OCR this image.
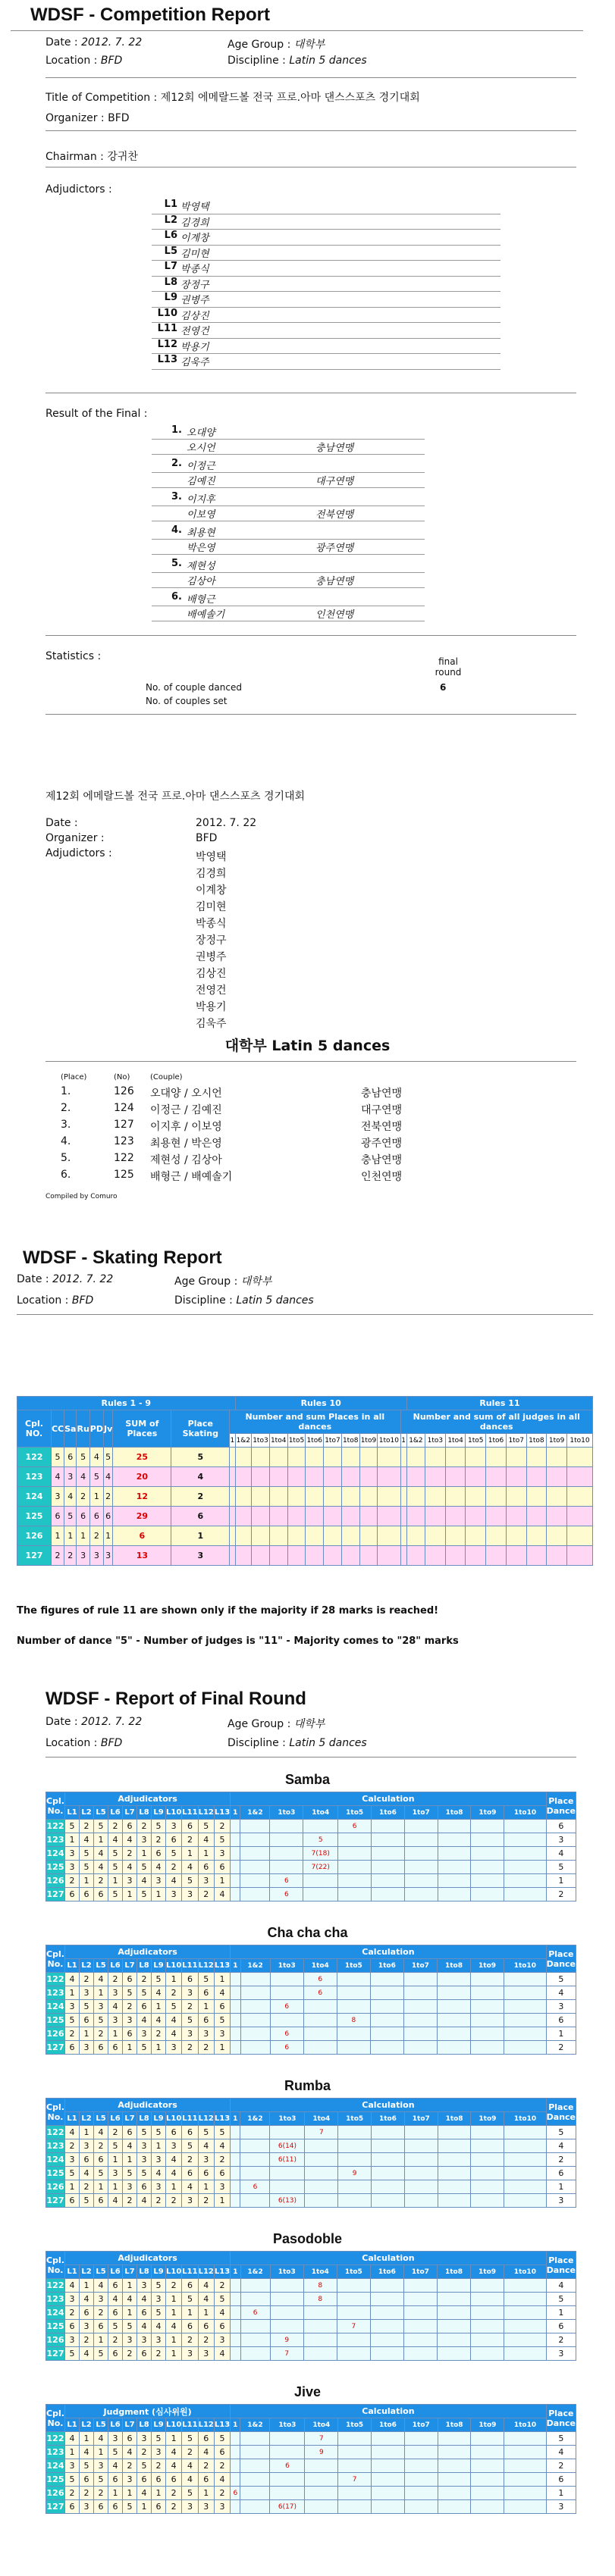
WDSF - Competition Report
Date : 2012. 7. 22	Age Group : 대학부
Location : BFD	Discipline : Latin 5 dances
Title of Competition : 제12회 에메랄드볼 전국 프로.아마 댄스스포츠 경기대회
Organizer : BFD
Chairman : 강귀찬
Adjudictors :
L1 박영택
L2 김경희
L6 이계창
L5 김미현
L7 박종식
L8 장정구
L9 권병주
L10 김상진
L11 전영건
L12 박용기
L13 김욱주
Result of the Final :
1. 오대양
오시언	충남연맹
2. 이정근
김예진	대구연맹
3. 이지후
이보영	전북연맹
4. 최용현
박은영	광주연맹
5. 제현성
김상아	충남연맹
6. 배형근
배예솔기	인천연맹
Statistics :	final round
No. of couple danced	6
No. of couples set
제12회 에메랄드볼 전국 프로.아마 댄스스포츠 경기대회
Date :	2012. 7. 22
Organizer :	BFD
Adjudictors :	박영택
김경희
이계창
김미현
박종식
장정구
권병주
김상진
전영건
박용기
김욱주
대학부 Latin 5 dances
(Place)	(No)	(Couple)
1.	126	오대양 / 오시언	충남연맹
2.	124	이정근 / 김예진	대구연맹
3.	127	이지후 / 이보영	전북연맹
4.	123	최용현 / 박은영	광주연맹
5.	122	제현성 / 김상아	충남연맹
6.	125	배형근 / 배예솔기	인천연맹
Compiled by Comuro
WDSF - Skating Report
Date : 2012. 7. 22	Age Group : 대학부
Location : BFD	Discipline : Latin 5 dances
Rules 1 - 9									Rules 10										Rules 11								
Cpl. NO.	CC	Sa	Ru	PD	Jv	SUM of Places	Place Skating	Number and sum Places in all dances										Number and sum of all judges in all dances									
								1	1&2	1to3	1to4	1to5	1to6	1to7	1to8	1to9	1to10	1	1&2	1to3	1to4	1to5	1to6	1to7	1to8	1to9	1to10
122	5	6	5	4	5	25	5																				
123	4	3	4	5	4	20	4																				
124	3	4	2	1	2	12	2																				
125	6	5	6	6	6	29	6																				
126	1	1	1	2	1	6	1																				
127	2	2	3	3	3	13	3																				
The figures of rule 11 are shown only if the majority if 28 marks is reached!
Number of dance "5" - Number of judges is "11" - Majority comes to "28" marks
WDSF - Report of Final Round
Date : 2012. 7. 22	Age Group : 대학부
Location : BFD	Discipline : Latin 5 dances
Samba
Cpl. No.	Adjudicators											Calculation										Place Dance
	L1	L2	L5	L6	L7	L8	L9	L10	L11	L12	L13	1	1&2	1to3	1to4	1to5	1to6	1to7	1to8	1to9	1to10	
122	5	2	5	2	6	2	5	3	6	5	2					6						6
123	1	4	1	4	4	3	2	6	2	4	5				5							3
124	3	5	4	5	2	1	6	5	1	1	3				7(18)							4
125	3	5	4	5	4	5	4	2	4	6	6				7(22)							5
126	2	1	2	1	3	4	3	4	5	3	1			6								1
127	6	6	6	5	1	5	1	3	3	2	4			6								2
Cha cha cha
Cpl. No.	Adjudicators											Calculation										Place Dance
	L1	L2	L5	L6	L7	L8	L9	L10	L11	L12	L13	1	1&2	1to3	1to4	1to5	1to6	1to7	1to8	1to9	1to10	
122	4	2	4	2	6	2	5	1	6	5	1				6							5
123	1	3	1	3	5	5	4	2	3	6	4				6							4
124	3	5	3	4	2	6	1	5	2	1	6			6								3
125	5	6	5	3	3	4	4	4	5	6	5					8						6
126	2	1	2	1	6	3	2	4	3	3	3			6								1
127	6	3	6	6	1	5	1	3	2	2	1			6								2
Rumba
Cpl. No.	Adjudicators											Calculation										Place Dance
	L1	L2	L5	L6	L7	L8	L9	L10	L11	L12	L13	1	1&2	1to3	1to4	1to5	1to6	1to7	1to8	1to9	1to10	
122	4	1	4	2	6	5	5	6	6	5	5				7							5
123	2	3	2	5	4	3	1	3	5	4	4			6(14)								4
124	3	6	6	1	1	3	3	4	2	3	2			6(11)								2
125	5	4	5	3	5	5	4	4	6	6	6					9						6
126	1	2	1	1	3	6	3	1	4	1	3		6									1
127	6	5	6	4	2	4	2	2	3	2	1			6(13)								3
Pasodoble
Cpl. No.	Adjudicators											Calculation										Place Dance
	L1	L2	L5	L6	L7	L8	L9	L10	L11	L12	L13	1	1&2	1to3	1to4	1to5	1to6	1to7	1to8	1to9	1to10	
122	4	1	4	6	1	3	5	2	6	4	2				8							4
123	3	4	3	4	4	4	3	1	5	4	5				8							5
124	2	6	2	6	1	6	5	1	1	1	4		6									1
125	6	3	6	5	5	4	4	4	6	6	6					7						6
126	3	2	1	2	3	3	3	1	2	2	3			9								2
127	5	4	5	6	2	6	2	1	3	3	4			7								3
Jive
Cpl. No.	Judgment (심사위원)											Calculation										Place Dance
	L1	L2	L5	L6	L7	L8	L9	L10	L11	L12	L13	1	1&2	1to3	1to4	1to5	1to6	1to7	1to8	1to9	1to10	
122	4	1	4	3	6	3	5	1	5	6	5				7							5
123	1	4	1	5	4	2	3	4	2	4	6				9							4
124	3	5	3	4	2	5	2	4	4	2	2			6								2
125	5	6	5	6	3	6	6	6	4	6	4					7						6
126	2	2	2	1	1	4	1	2	5	1	2	6										1
127	6	3	6	6	5	1	6	2	3	3	3			6(17)								3
